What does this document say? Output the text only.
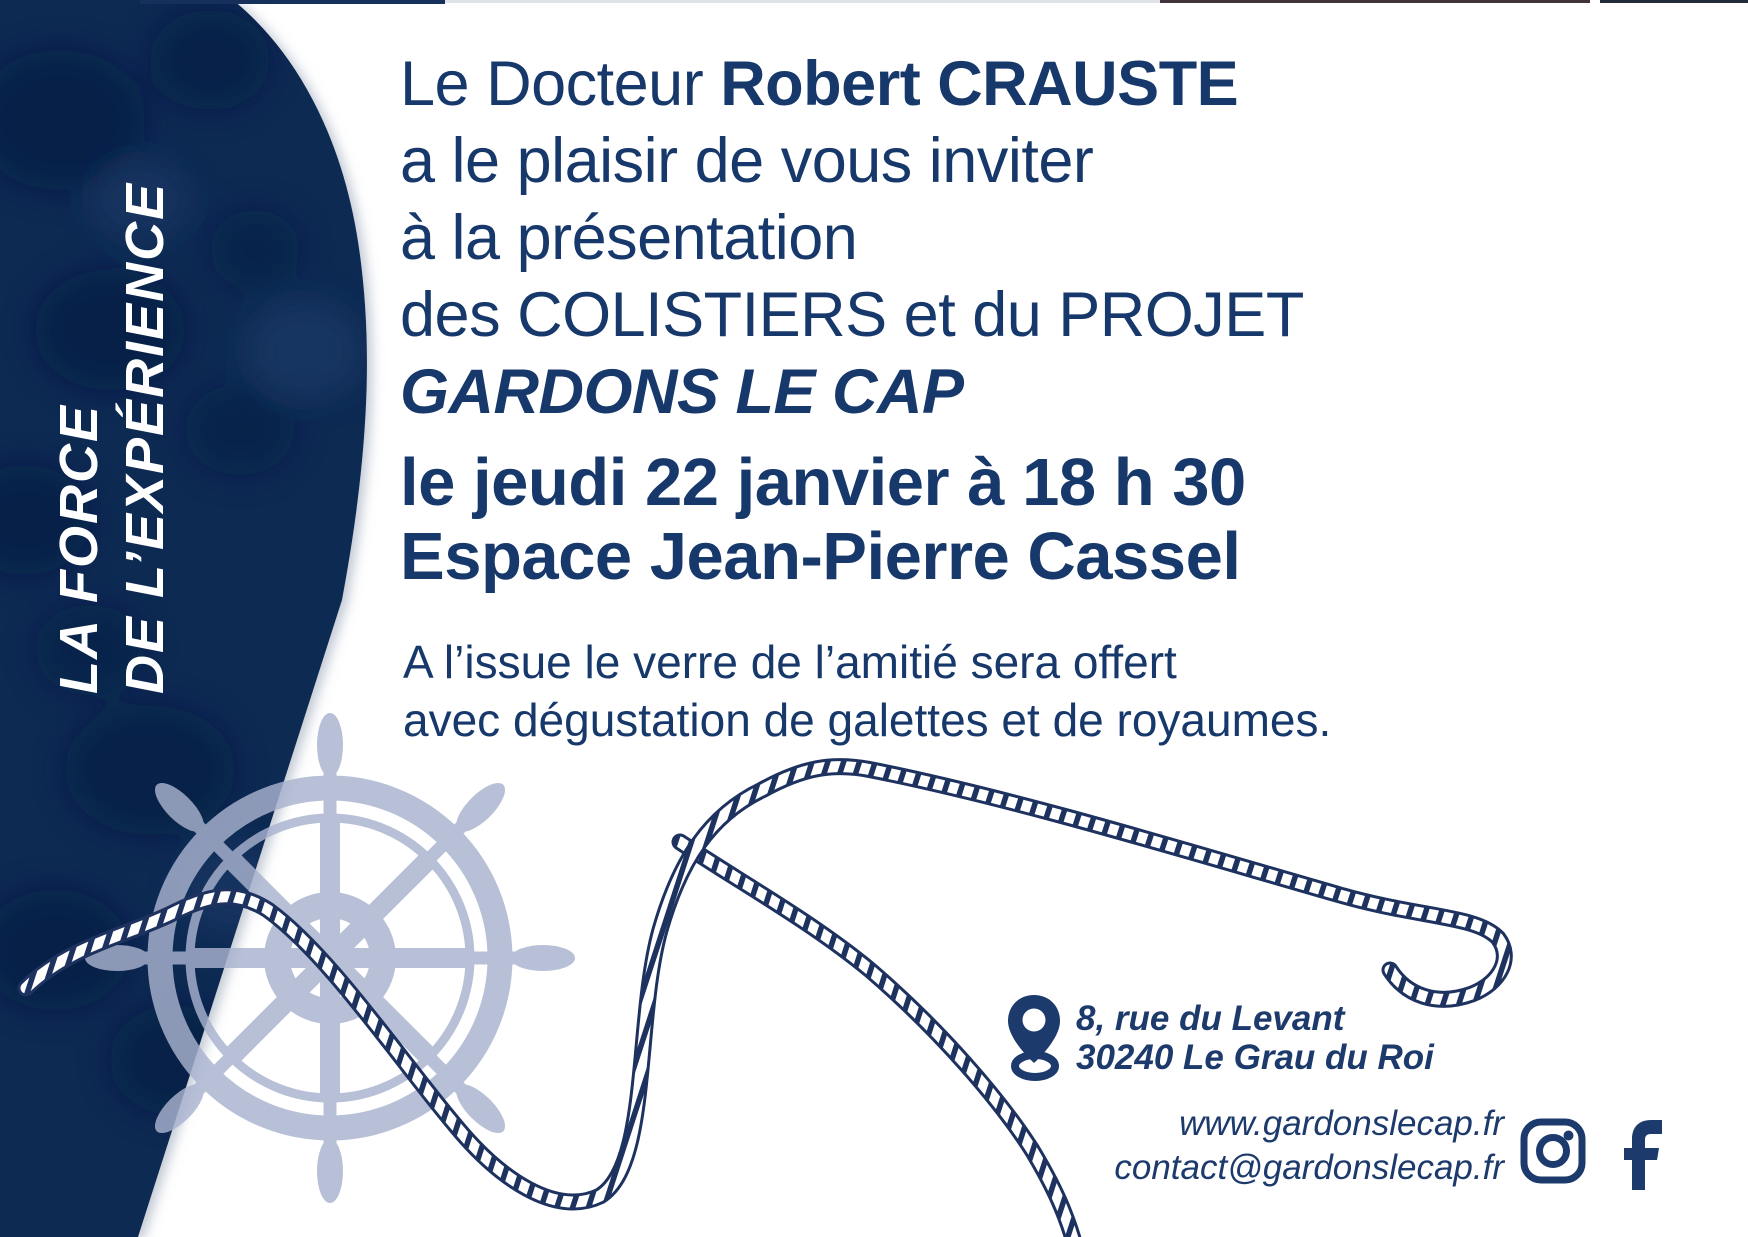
LA FORCE DE L’EXPÉRIENCE
Le Docteur Robert CRAUSTE
a le plaisir de vous inviter
à la présentation
des COLISTIERS et du PROJET
GARDONS LE CAP
le jeudi 22 janvier à 18 h 30
Espace Jean-Pierre Cassel
A l’issue le verre de l’amitié sera offert
avec dégustation de galettes et de royaumes.
8, rue du Levant
30240 Le Grau du Roi
www.gardonslecap.fr
contact@gardonslecap.fr
